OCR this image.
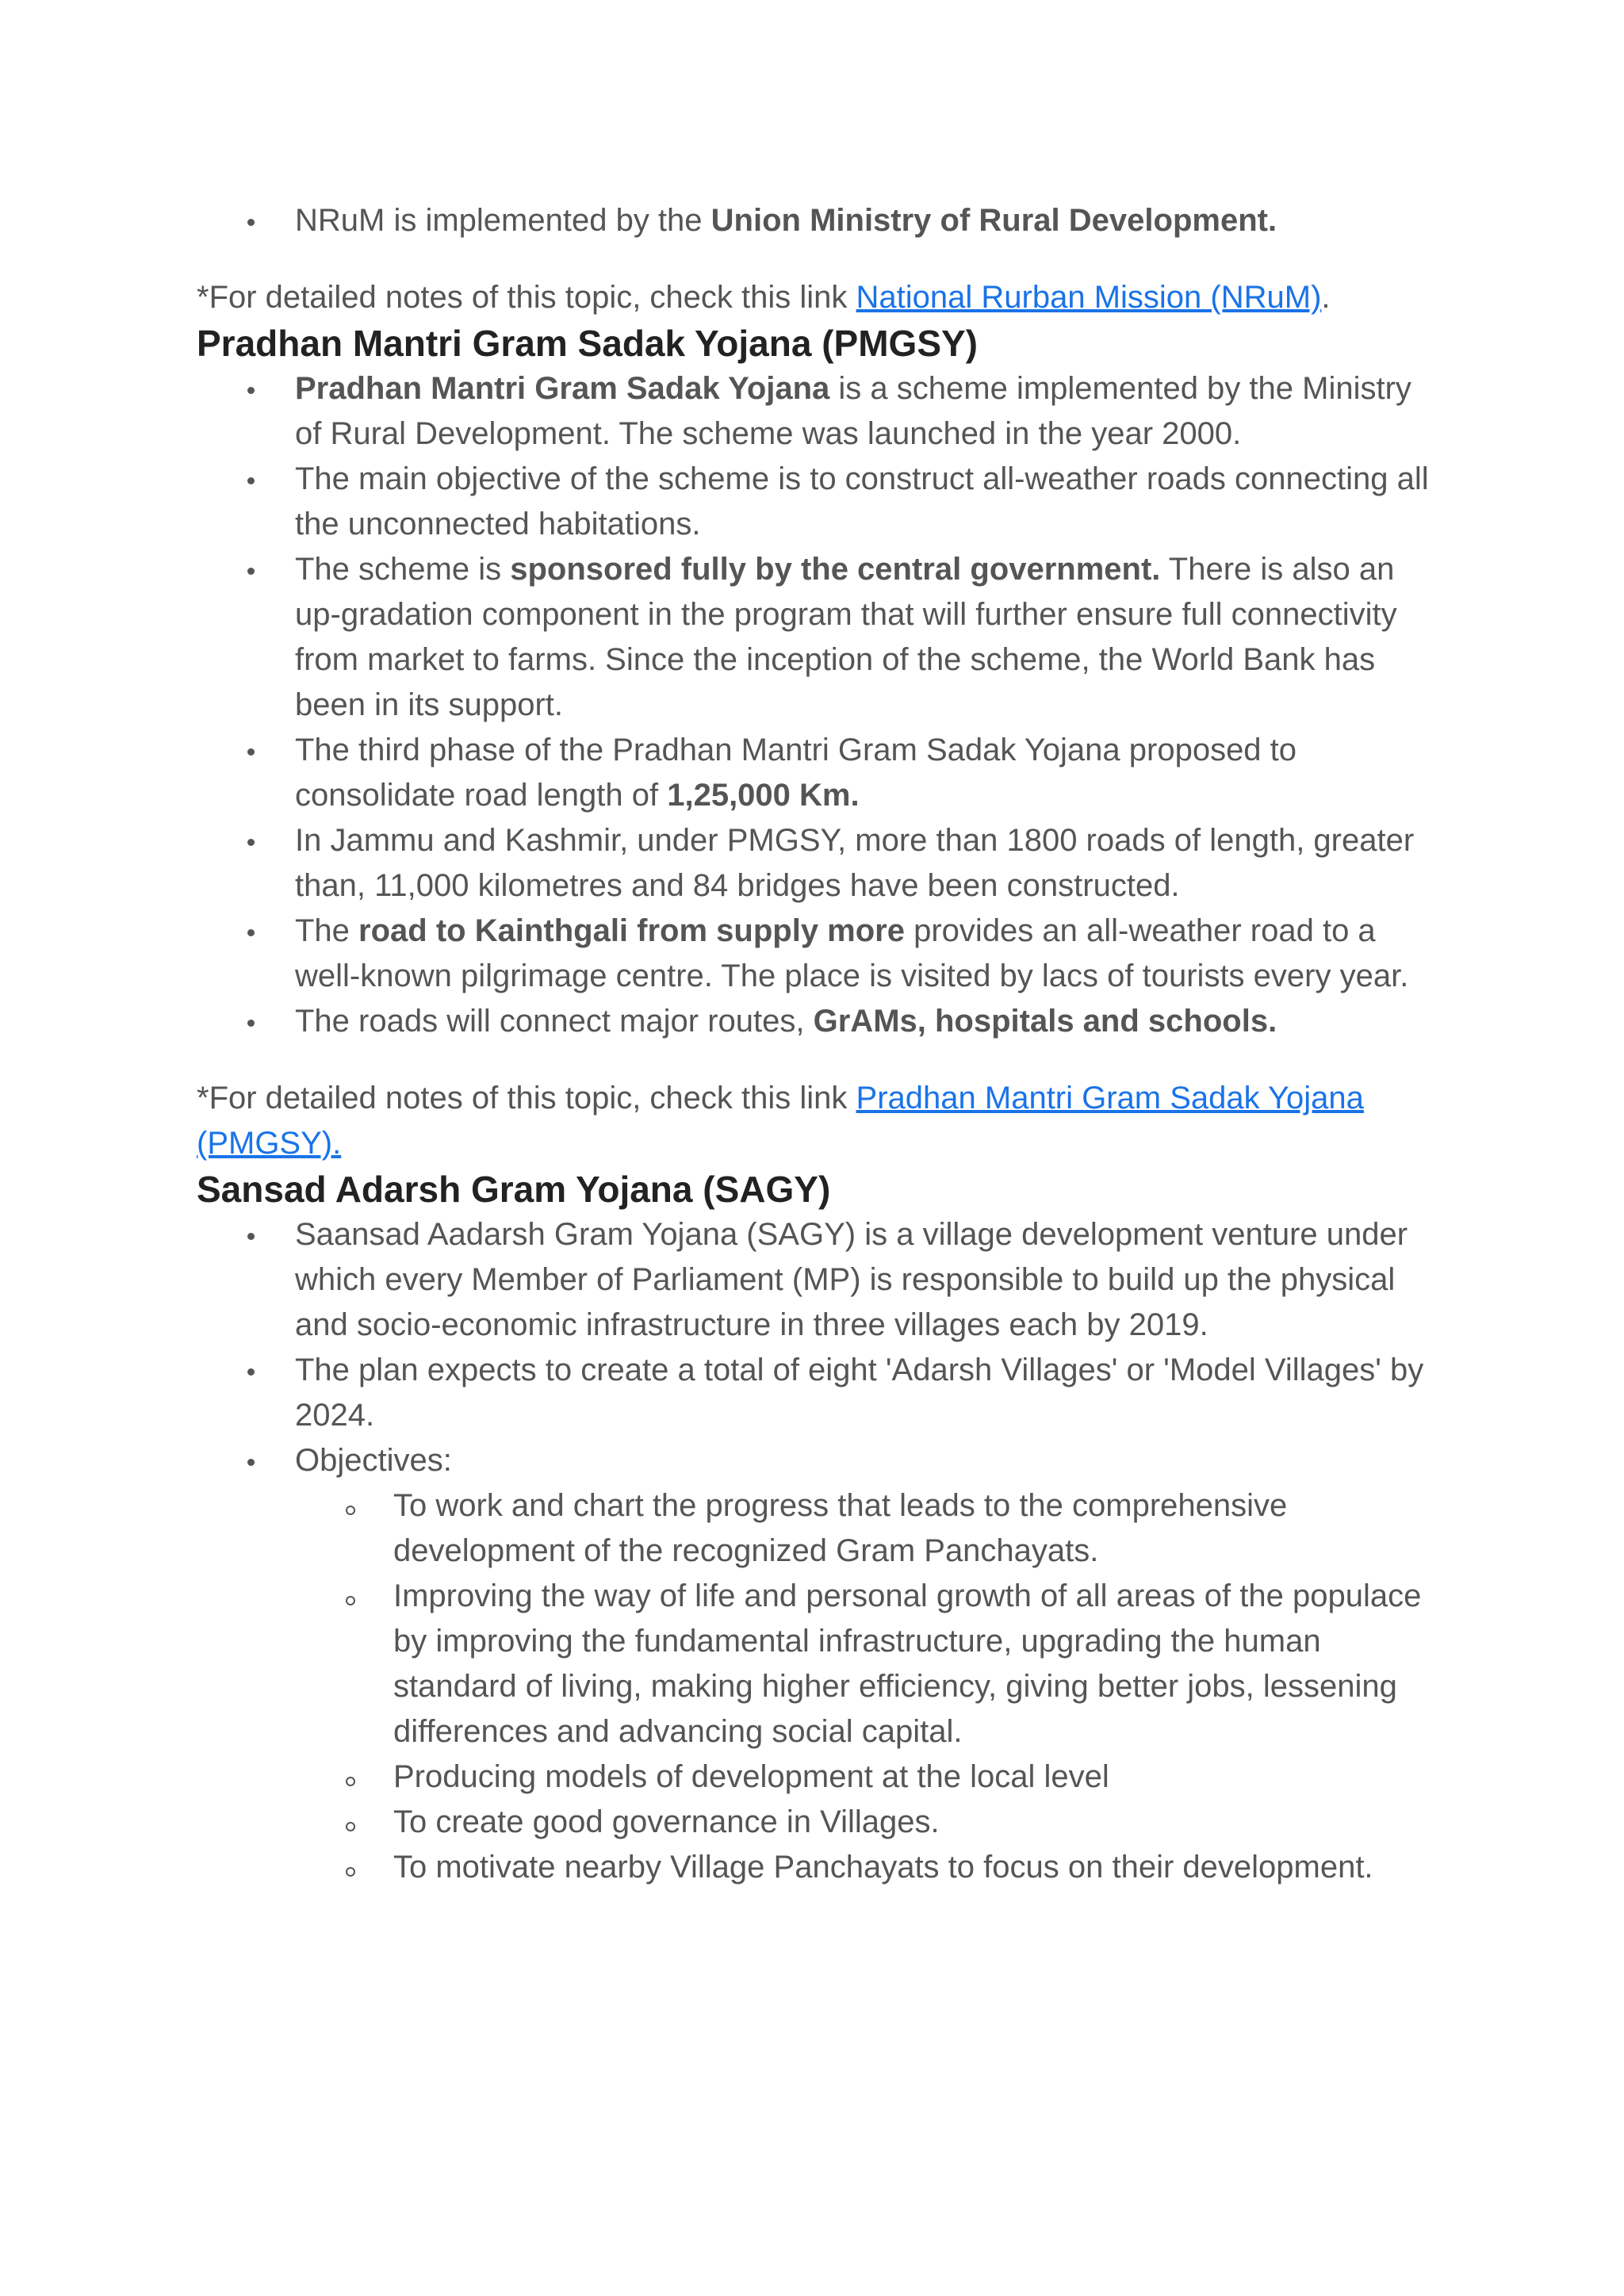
NRuM is implemented by the Union Ministry of Rural Development.

*For detailed notes of this topic, check this link National Rurban Mission (NRuM).

Pradhan Mantri Gram Sadak Yojana (PMGSY)
Pradhan Mantri Gram Sadak Yojana is a scheme implemented by the Ministry of Rural Development. The scheme was launched in the year 2000.
The main objective of the scheme is to construct all-weather roads connecting all the unconnected habitations.
The scheme is sponsored fully by the central government. There is also an up-gradation component in the program that will further ensure full connectivity from market to farms. Since the inception of the scheme, the World Bank has been in its support.
The third phase of the Pradhan Mantri Gram Sadak Yojana proposed to consolidate road length of 1,25,000 Km.
In Jammu and Kashmir, under PMGSY, more than 1800 roads of length, greater than, 11,000 kilometres and 84 bridges have been constructed.
The road to Kainthgali from supply more provides an all-weather road to a well-known pilgrimage centre. The place is visited by lacs of tourists every year.
The roads will connect major routes, GrAMs, hospitals and schools.

*For detailed notes of this topic, check this link Pradhan Mantri Gram Sadak Yojana (PMGSY).

Sansad Adarsh Gram Yojana (SAGY)
Saansad Aadarsh Gram Yojana (SAGY) is a village development venture under which every Member of Parliament (MP) is responsible to build up the physical and socio-economic infrastructure in three villages each by 2019.
The plan expects to create a total of eight 'Adarsh Villages' or 'Model Villages' by 2024.
Objectives:
To work and chart the progress that leads to the comprehensive development of the recognized Gram Panchayats.
Improving the way of life and personal growth of all areas of the populace by improving the fundamental infrastructure, upgrading the human standard of living, making higher efficiency, giving better jobs, lessening differences and advancing social capital.
Producing models of development at the local level
To create good governance in Villages.
To motivate nearby Village Panchayats to focus on their development.
